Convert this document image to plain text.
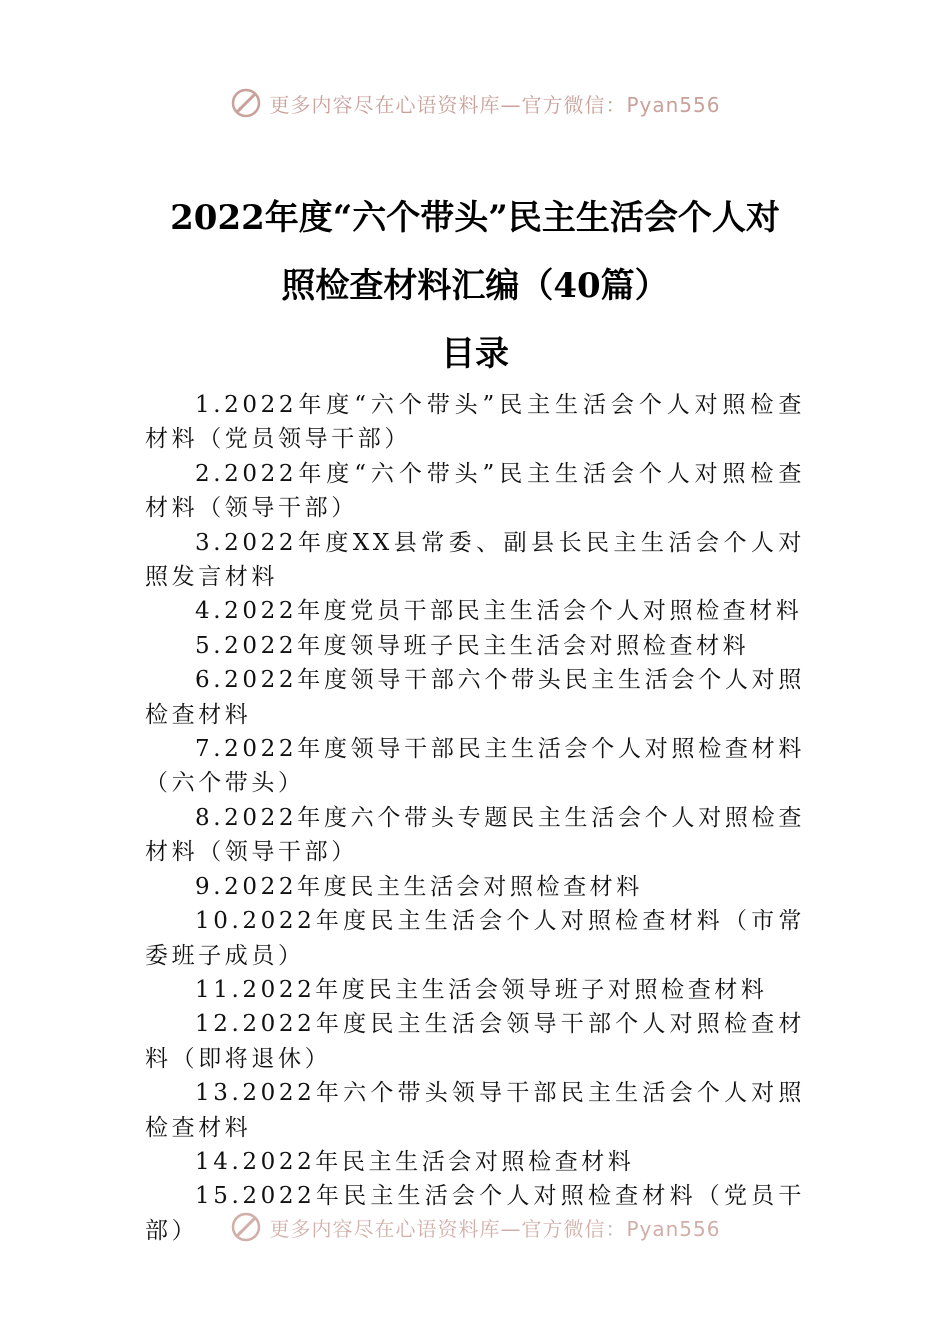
更多内容尽在心语资料库—官方微信：Pyan556
2022年度“六个带头”民主生活会个人对
照检查材料汇编（40篇）
目录

1.2022年度“六个带头”民主生活会个人对照检查材料（党员领导干部）

2.2022年度“六个带头”民主生活会个人对照检查材料（领导干部）

3.2022年度XX县常委、副县长民主生活会个人对照发言材料

4.2022年度党员干部民主生活会个人对照检查材料

5.2022年度领导班子民主生活会对照检查材料

6.2022年度领导干部六个带头民主生活会个人对照检查材料

7.2022年度领导干部民主生活会个人对照检查材料（六个带头）

8.2022年度六个带头专题民主生活会个人对照检查材料（领导干部）

9.2022年度民主生活会对照检查材料

10.2022年度民主生活会个人对照检查材料（市常委班子成员）

11.2022年度民主生活会领导班子对照检查材料

12.2022年度民主生活会领导干部个人对照检查材料（即将退休）

13.2022年六个带头领导干部民主生活会个人对照检查材料

14.2022年民主生活会对照检查材料

15.2022年民主生活会个人对照检查材料（党员干部）	更多内容尽在心语资料库—官方微信：Pyan556
